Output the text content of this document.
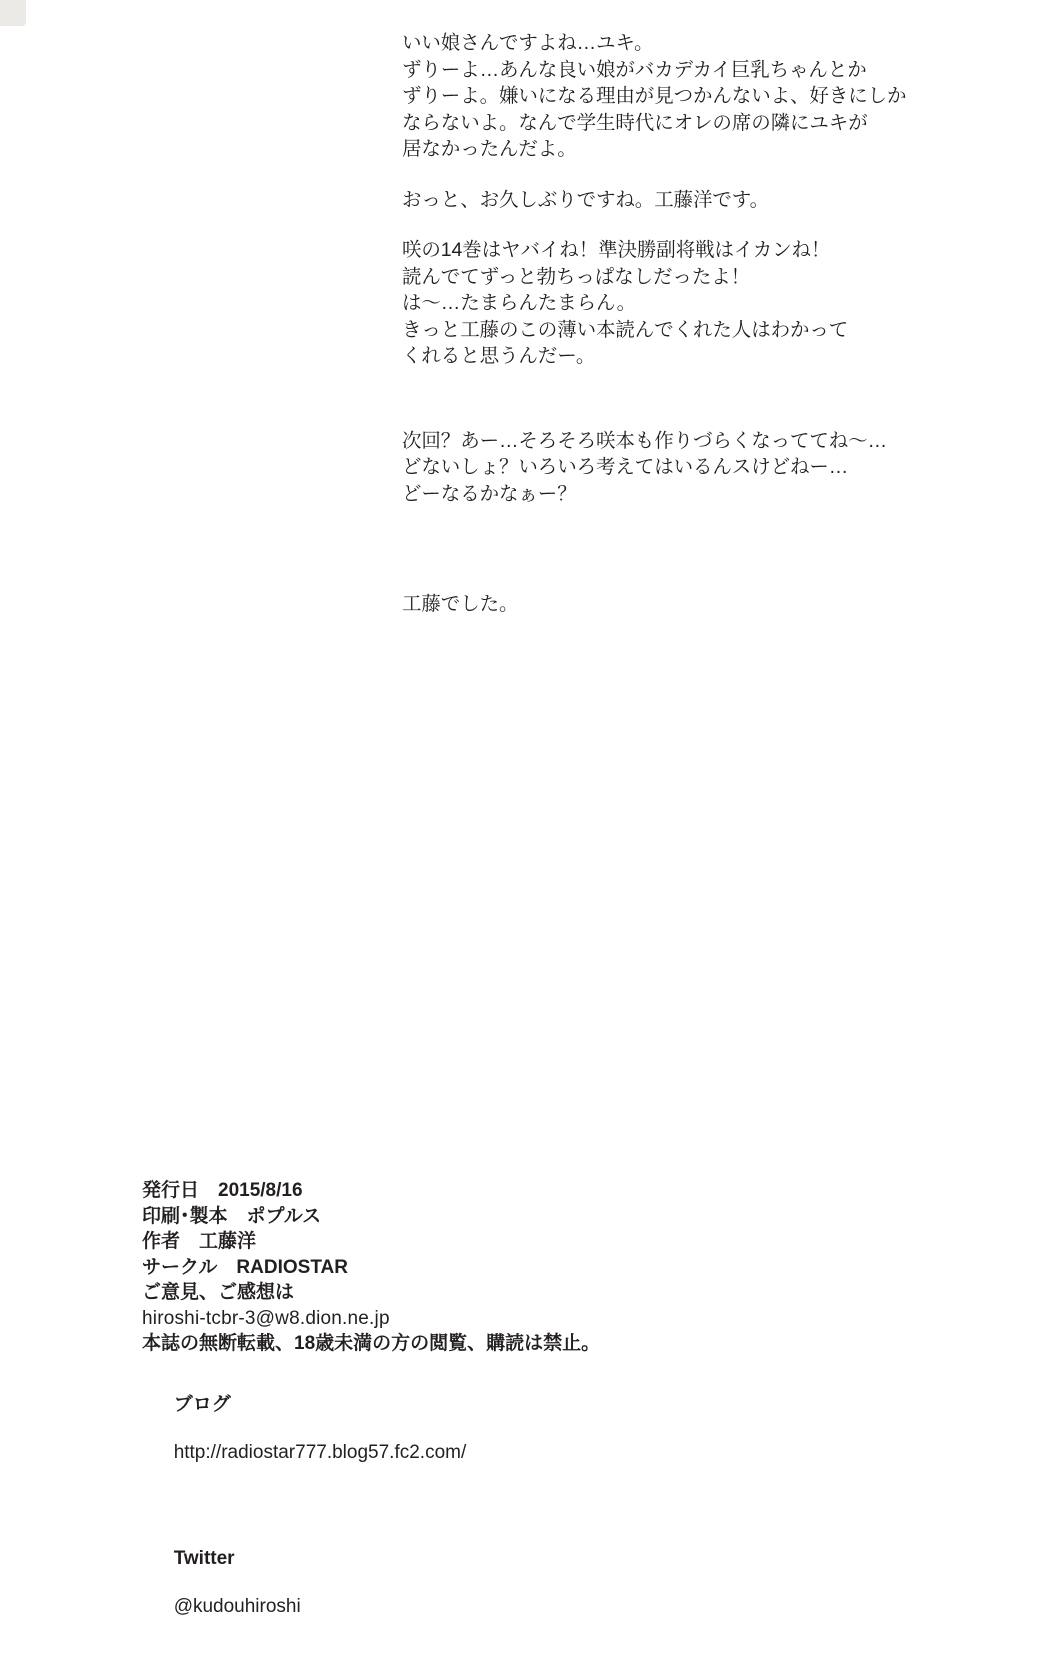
いい娘さんですよね…ユキ。

ずりーよ…あんな良い娘がバカデカイ巨乳ちゃんとか

ずりーよ。嫌いになる理由が見つかんないよ、好きにしか

ならないよ。なんで学生時代にオレの席の隣にユキが

居なかったんだよ。

おっと、お久しぶりですね。工藤洋です。

咲の14巻はヤバイね！準決勝副将戦はイカンね！

読んでてずっと勃ちっぱなしだったよ！

は〜…たまらんたまらん。

きっと工藤のこの薄い本読んでくれた人はわかって

くれると思うんだー。

次回？あー…そろそろ咲本も作りづらくなっててね〜…

どないしょ？いろいろ考えてはいるんスけどねー…

どーなるかなぁー？

工藤でした。

発行日　2015/8/16
印刷･製本　ポプルス
作者　工藤洋
サークル　RADIOSTAR
ご意見、ご感想は
hiroshi-tcbr-3@w8.dion.ne.jp
本誌の無断転載、18歳未満の方の閲覧、購読は禁止。

ブログ

http://radiostar777.blog57.fc2.com/

Twitter

@kudouhiroshi
